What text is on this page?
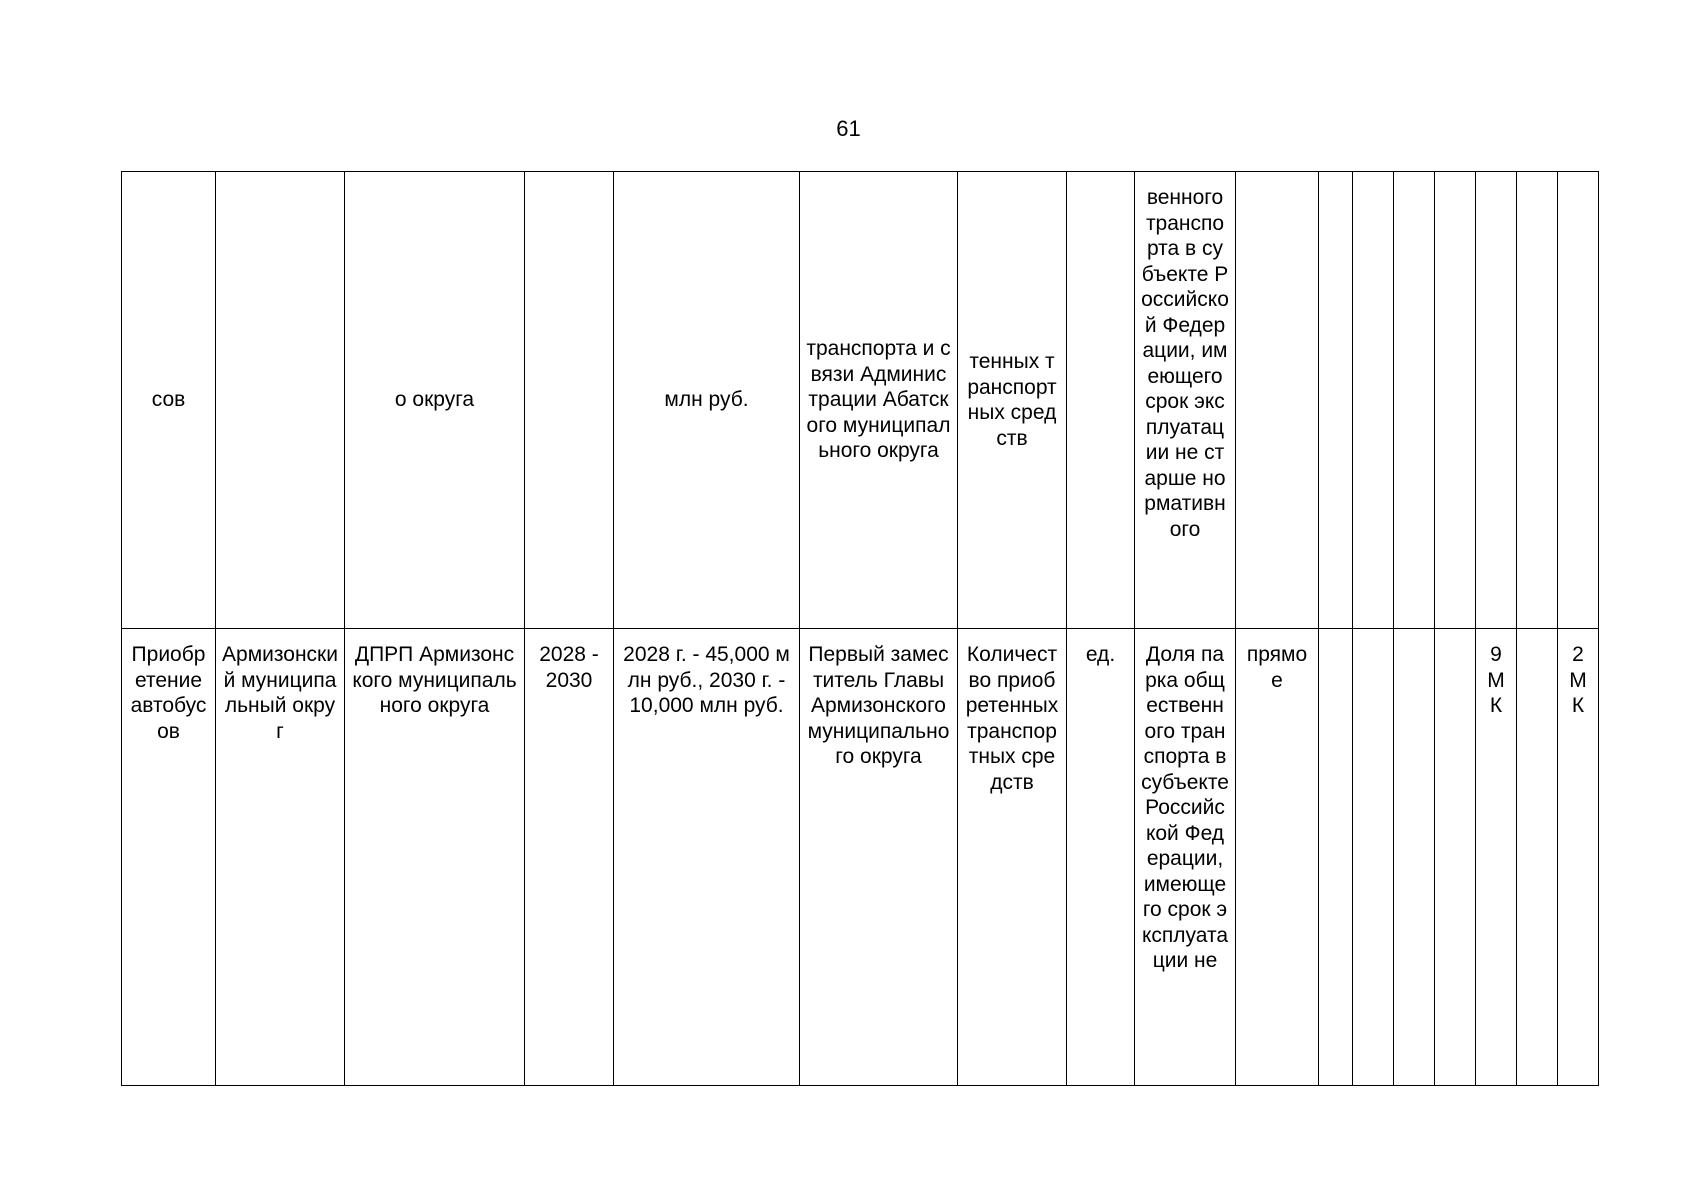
61
сов		о округа		млн руб.	транспорта и связи Администрации Абатского муниципального округа	тенных транспортных средств		венного транспорта в субъекте Российской Федерации, имеющего срок эксплуатации не старше нормативного								
Приобретение автобусов	Армизонский муниципальный округ	ДПРП Армизонского муниципального округа	2028 - 2030	2028 г. - 45,000 млн руб., 2030 г. - 10,000 млн руб.	Первый заместитель Главы Армизонского муниципального округа	Количество приобретенных транспортных средств	ед.	Доля парка общественного транспорта в субъекте Российской Федерации, имеющего срок эксплуатации не	прямое					9 МК		2 МК
